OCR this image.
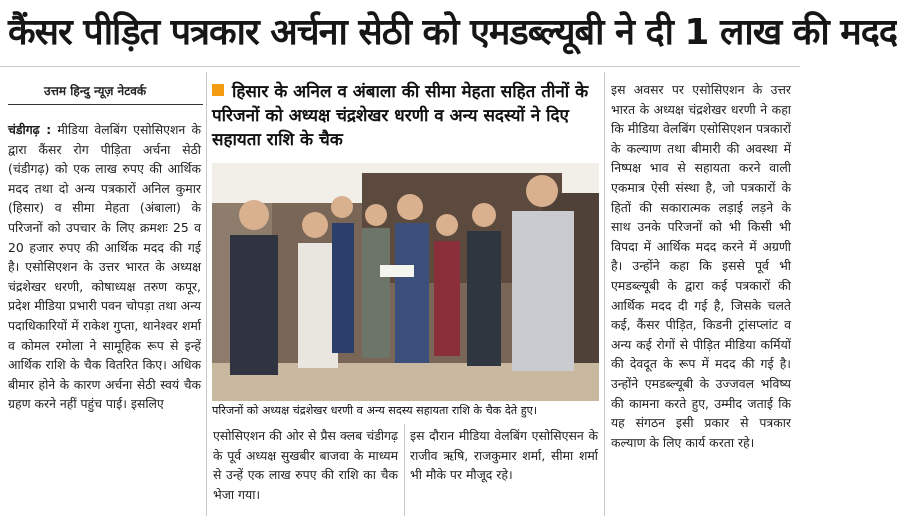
कैंसर पीड़ित पत्रकार अर्चना सेठी को एमडब्ल्यूबी ने दी 1 लाख की मदद
उत्तम हिन्दु न्यूज़ नेटवर्क
चंडीगढ़ : मीडिया वेलबिंग एसोसिएशन के द्वारा कैंसर रोग पीड़िता अर्चना सेठी (चंडीगढ़) को एक लाख रुपए की आर्थिक मदद तथा दो अन्य पत्रकारों अनिल कुमार (हिसार) व सीमा मेहता (अंबाला) के परिजनों को उपचार के लिए क्रमशः 25 व 20 हजार रुपए की आर्थिक मदद की गई है। एसोसिएशन के उत्तर भारत के अध्यक्ष चंद्रशेखर धरणी, कोषाध्यक्ष तरुण कपूर, प्रदेश मीडिया प्रभारी पवन चोपड़ा तथा अन्य पदाधिकारियों में राकेश गुप्ता, थानेश्वर शर्मा व कोमल रमोला ने सामूहिक रूप से इन्हें आर्थिक राशि के चैक वितरित किए। अधिक बीमार होने के कारण अर्चना सेठी स्वयं चैक ग्रहण करने नहीं पहुंच पाई। इसलिए
हिसार के अनिल व अंबाला की सीमा मेहता सहित तीनों के परिजनों को अध्यक्ष चंद्रशेखर धरणी व अन्य सदस्यों ने दिए सहायता राशि के चैक
परिजनों को अध्यक्ष चंद्रशेखर धरणी व अन्य सदस्य सहायता राशि के चैक देते हुए।
एसोसिएशन की ओर से प्रैस क्लब चंडीगढ़ के पूर्व अध्यक्ष सुखबीर बाजवा के माध्यम से उन्हें एक लाख रुपए की राशि का चैक भेजा गया।
इस दौरान मीडिया वेलबिंग एसोसिएसन के राजीव ऋषि, राजकुमार शर्मा, सीमा शर्मा भी मौके पर मौजूद रहे।
इस अवसर पर एसोसिएशन के उत्तर भारत के अध्यक्ष चंद्रशेखर धरणी ने कहा कि मीडिया वेलबिंग एसोसिएशन पत्रकारों के कल्याण तथा बीमारी की अवस्था में निष्पक्ष भाव से सहायता करने वाली एकमात्र ऐसी संस्था है, जो पत्रकारों के हितों की सकारात्मक लड़ाई लड़ने के साथ उनके परिजनों को भी किसी भी विपदा में आर्थिक मदद करने में अग्रणी है। उन्होंने कहा कि इससे पूर्व भी एमडब्ल्यूबी के द्वारा कई पत्रकारों की आर्थिक मदद दी गई है, जिसके चलते कई, कैंसर पीड़ित, किडनी ट्रांसप्लांट व अन्य कई रोगों से पीड़ित मीडिया कर्मियों की देवदूत के रूप में मदद की गई है। उन्होंने एमडब्ल्यूबी के उज्जवल भविष्य की कामना करते हुए, उम्मीद जताई कि यह संगठन इसी प्रकार से पत्रकार कल्याण के लिए कार्य करता रहे।
